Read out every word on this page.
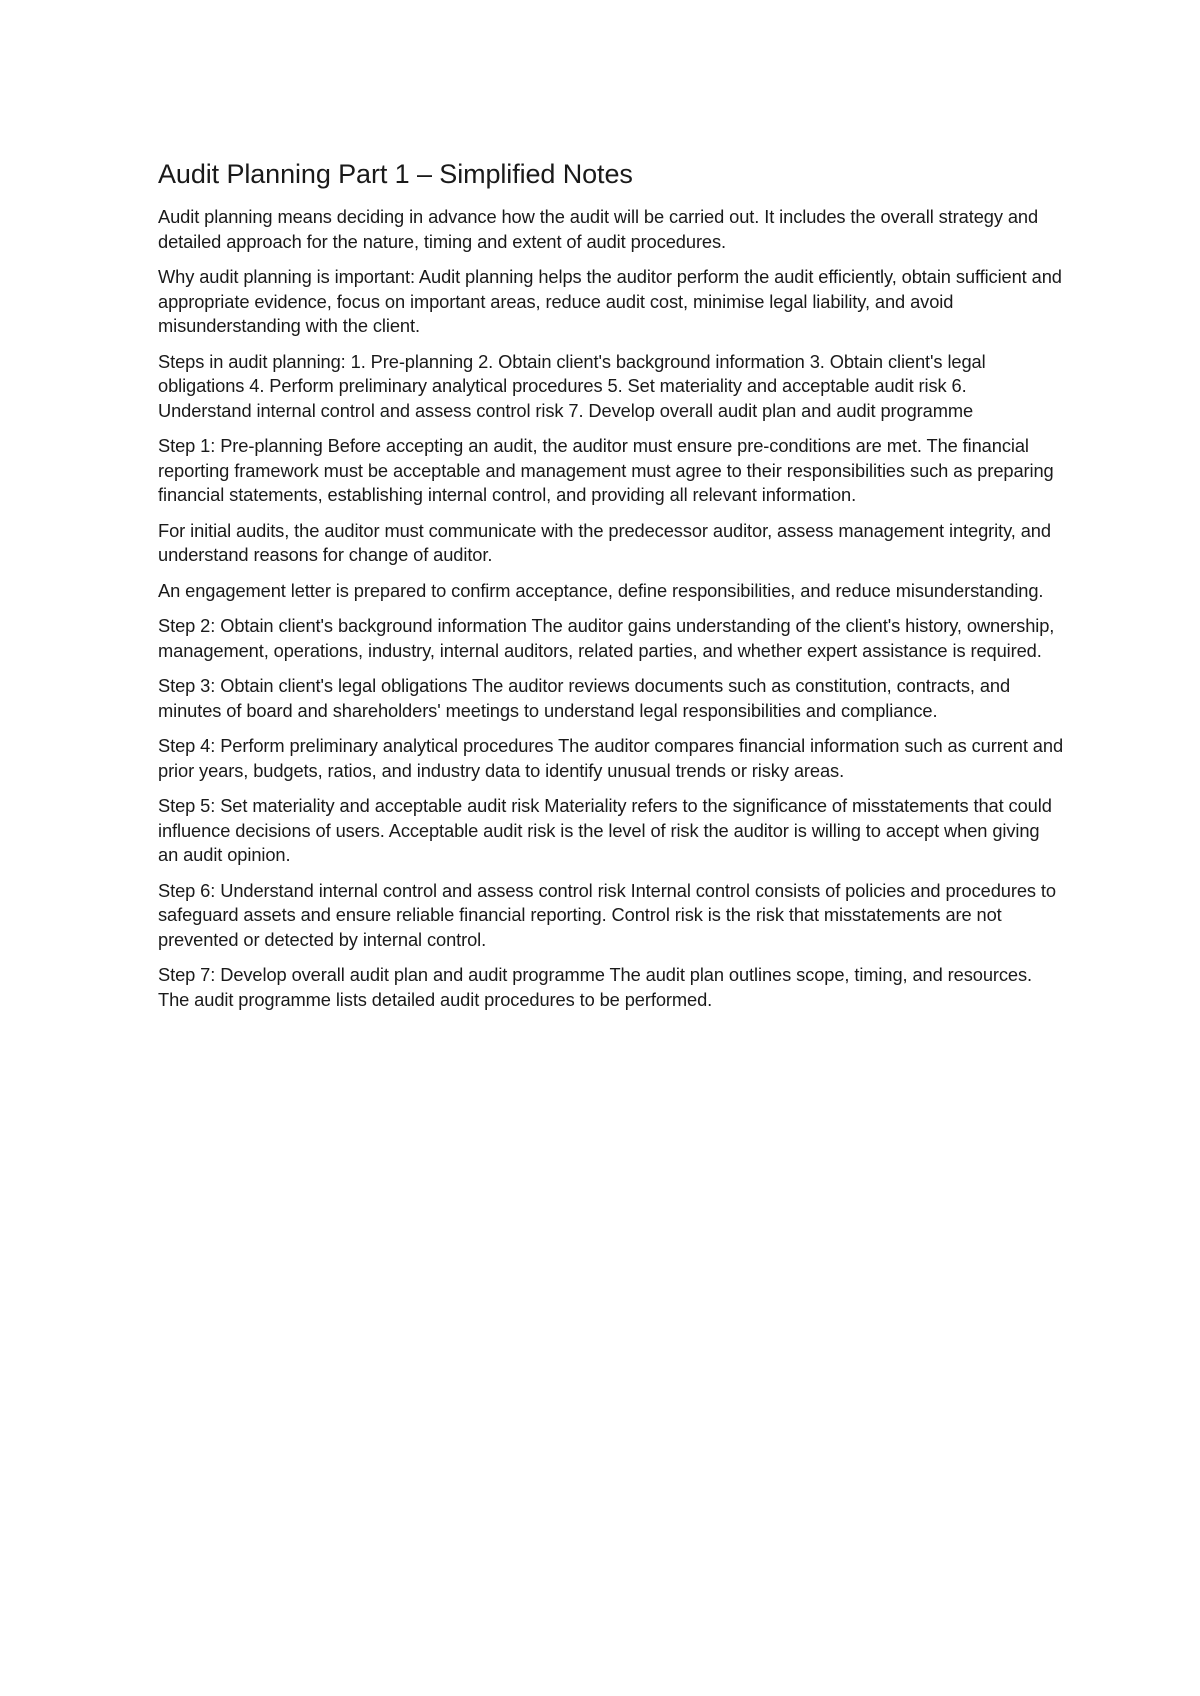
Audit Planning Part 1 – Simplified Notes

Audit planning means deciding in advance how the audit will be carried out. It includes the overall strategy and detailed approach for the nature, timing and extent of audit procedures.

Why audit planning is important: Audit planning helps the auditor perform the audit efficiently, obtain sufficient and appropriate evidence, focus on important areas, reduce audit cost, minimise legal liability, and avoid misunderstanding with the client.

Steps in audit planning: 1. Pre-planning 2. Obtain client's background information 3. Obtain client's legal obligations 4. Perform preliminary analytical procedures 5. Set materiality and acceptable audit risk 6. Understand internal control and assess control risk 7. Develop overall audit plan and audit programme

Step 1: Pre-planning Before accepting an audit, the auditor must ensure pre-conditions are met. The financial reporting framework must be acceptable and management must agree to their responsibilities such as preparing financial statements, establishing internal control, and providing all relevant information.

For initial audits, the auditor must communicate with the predecessor auditor, assess management integrity, and understand reasons for change of auditor.

An engagement letter is prepared to confirm acceptance, define responsibilities, and reduce misunderstanding.

Step 2: Obtain client's background information The auditor gains understanding of the client's history, ownership, management, operations, industry, internal auditors, related parties, and whether expert assistance is required.

Step 3: Obtain client's legal obligations The auditor reviews documents such as constitution, contracts, and minutes of board and shareholders' meetings to understand legal responsibilities and compliance.

Step 4: Perform preliminary analytical procedures The auditor compares financial information such as current and prior years, budgets, ratios, and industry data to identify unusual trends or risky areas.

Step 5: Set materiality and acceptable audit risk Materiality refers to the significance of misstatements that could influence decisions of users. Acceptable audit risk is the level of risk the auditor is willing to accept when giving an audit opinion.

Step 6: Understand internal control and assess control risk Internal control consists of policies and procedures to safeguard assets and ensure reliable financial reporting. Control risk is the risk that misstatements are not prevented or detected by internal control.

Step 7: Develop overall audit plan and audit programme The audit plan outlines scope, timing, and resources. The audit programme lists detailed audit procedures to be performed.
